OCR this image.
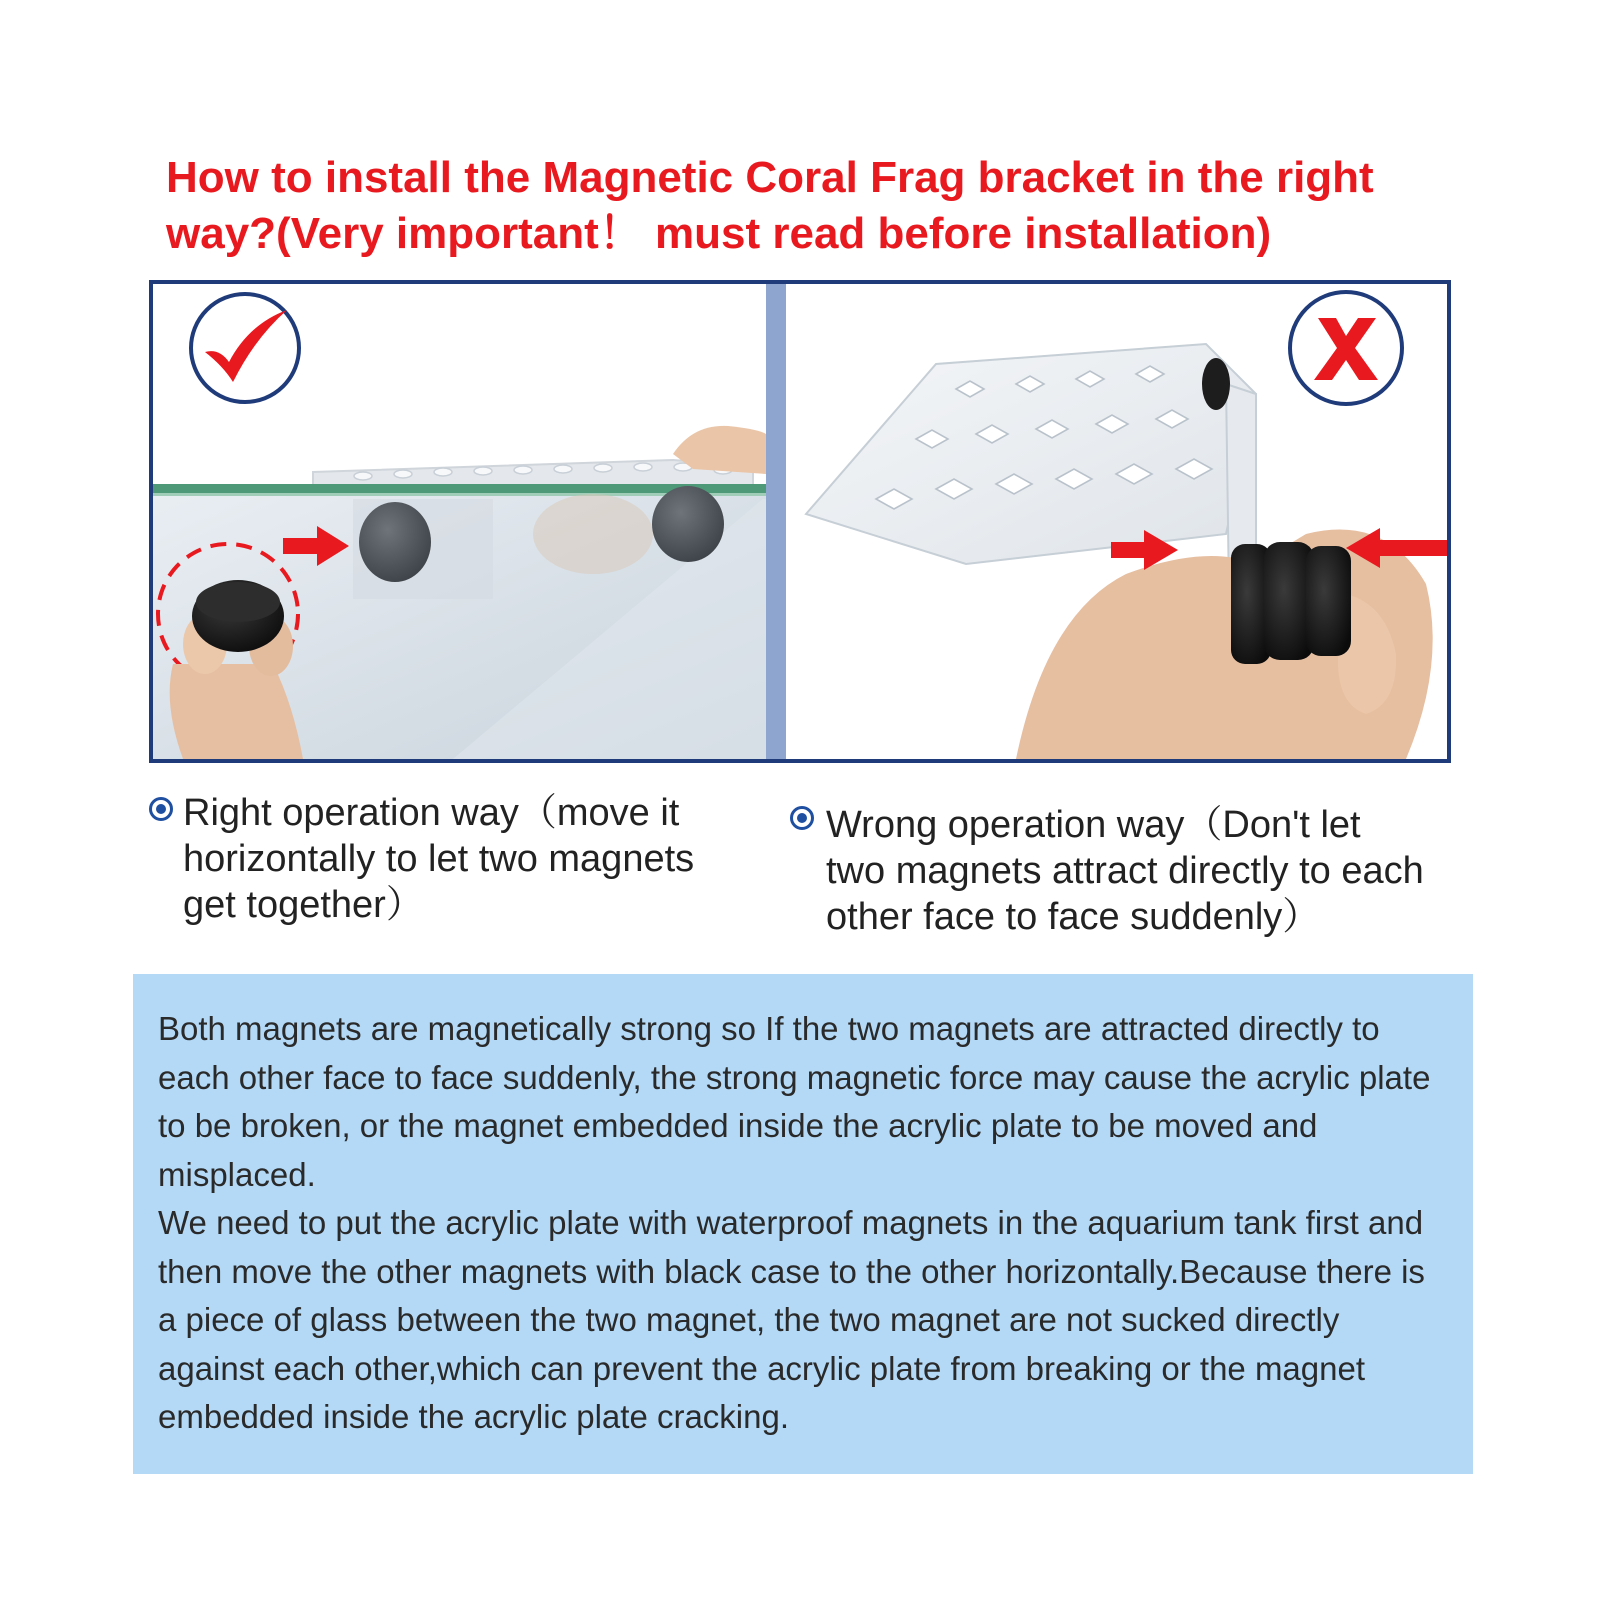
How to install the Magnetic Coral Frag bracket in the right way?(Very important！ must read before installation)
Right operation way（move it horizontally to let two magnets get together）
Wrong operation way（Don't let two magnets attract directly to each other face to face suddenly）

Both magnets are magnetically strong so If the two magnets are attracted directly to each other face to face suddenly, the strong magnetic force may cause the acrylic plate to be broken, or the magnet embedded inside the acrylic plate to be moved and misplaced.

We need to put the acrylic plate with waterproof magnets in the aquarium tank first and then move the other magnets with black case to the other horizontally.Because there is a piece of glass between the two magnet, the two magnet are not sucked directly against each other,which can prevent the acrylic plate from breaking or the magnet embedded inside the acrylic plate cracking.
